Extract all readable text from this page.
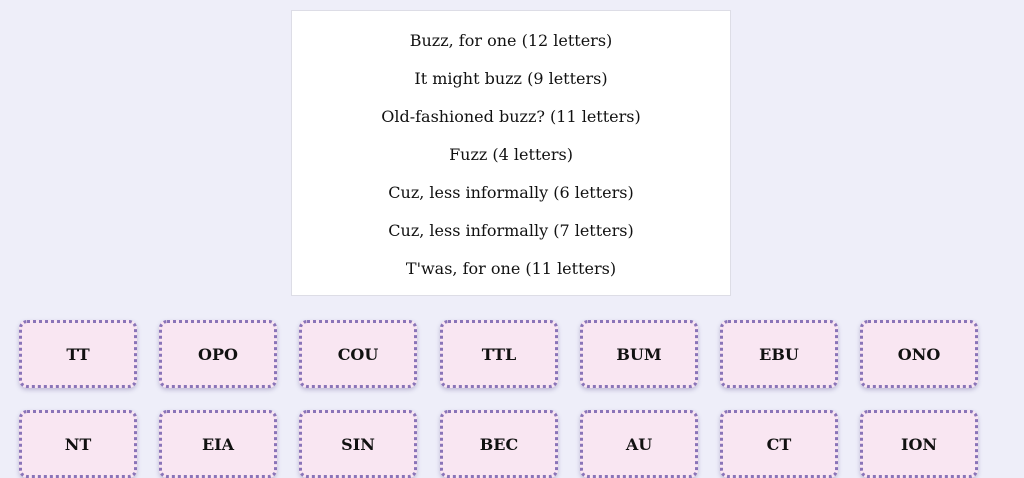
Buzz, for one (12 letters)
It might buzz (9 letters)
Old-fashioned buzz? (11 letters)
Fuzz (4 letters)
Cuz, less informally (6 letters)
Cuz, less informally (7 letters)
T'was, for one (11 letters)
TT	OPO	COU	TTL	BUM	EBU	ONO
NT	EIA	SIN	BEC	AU	CT	ION
